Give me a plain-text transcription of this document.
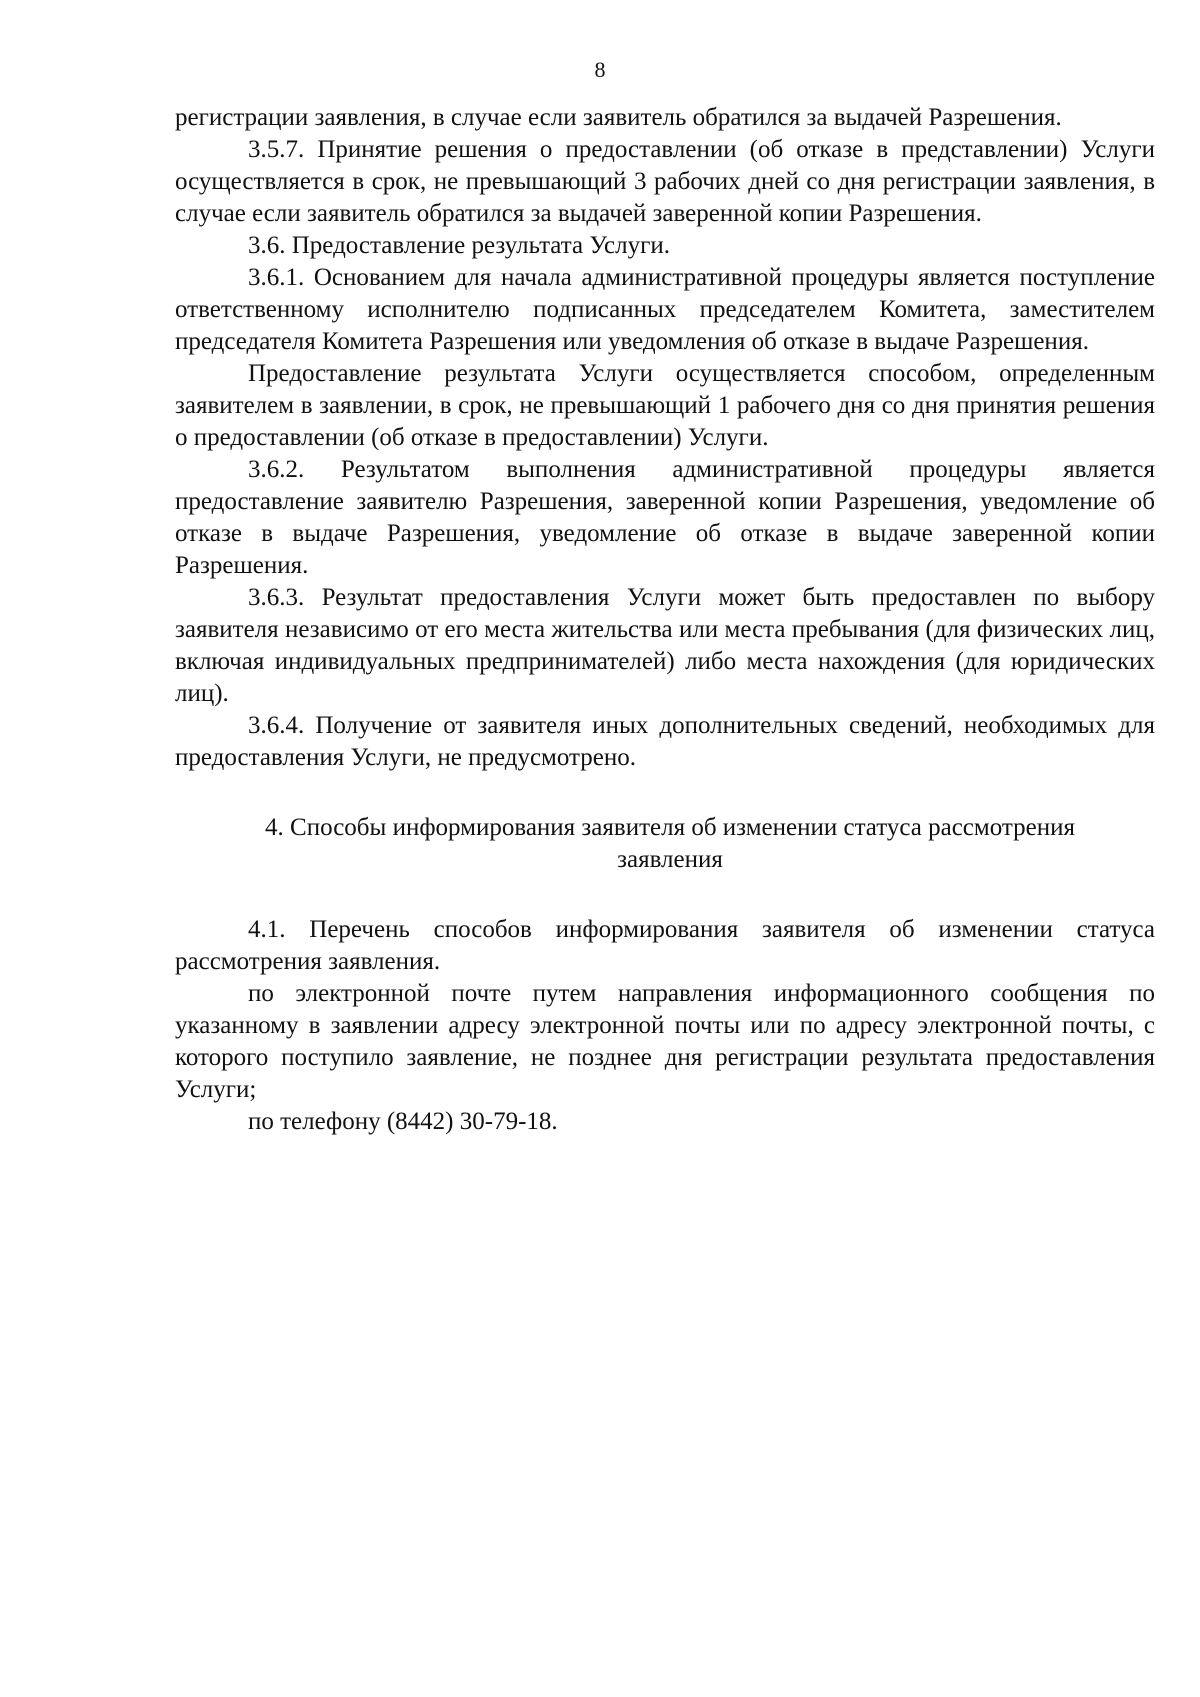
8

регистрации заявления, в случае если заявитель обратился за выдачей Разрешения.

3.5.7. Принятие решения о предоставлении (об отказе в представлении) Услуги осуществляется в срок, не превышающий 3 рабочих дней со дня регистрации заявления, в случае если заявитель обратился за выдачей заверенной копии Разрешения.

3.6. Предоставление результата Услуги.

3.6.1. Основанием для начала административной процедуры является поступление ответственному исполнителю подписанных председателем Комитета, заместителем председателя Комитета Разрешения или уведомления об отказе в выдаче Разрешения.

Предоставление результата Услуги осуществляется способом, определенным заявителем в заявлении, в срок, не превышающий 1 рабочего дня со дня принятия решения о предоставлении (об отказе в предоставлении) Услуги.

3.6.2. Результатом выполнения административной процедуры является предоставление заявителю Разрешения, заверенной копии Разрешения, уведомление об отказе в выдаче Разрешения, уведомление об отказе в выдаче заверенной копии Разрешения.

3.6.3. Результат предоставления Услуги может быть предоставлен по выбору заявителя независимо от его места жительства или места пребывания (для физических лиц, включая индивидуальных предпринимателей) либо места нахождения (для юридических лиц).

3.6.4. Получение от заявителя иных дополнительных сведений, необходимых для предоставления Услуги, не предусмотрено.

4. Способы информирования заявителя об изменении статуса рассмотрения заявления

4.1. Перечень способов информирования заявителя об изменении статуса рассмотрения заявления.

по электронной почте путем направления информационного сообщения по указанному в заявлении адресу электронной почты или по адресу электронной почты, с которого поступило заявление, не позднее дня регистрации результата предоставления Услуги;

по телефону (8442) 30-79-18.
